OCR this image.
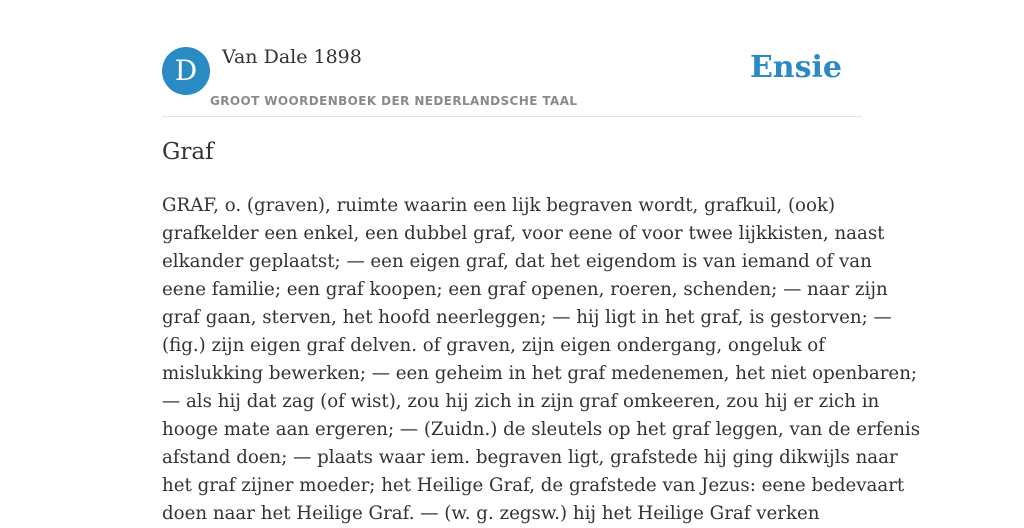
D	Van Dale 1898
GROOT WOORDENBOEK DER NEDERLANDSCHE TAAL
Ensie
Graf

GRAF, o. (graven), ruimte waarin een lijk begraven wordt, grafkuil, (ook)
grafkelder een enkel, een dubbel graf, voor eene of voor twee lijkkisten, naast
elkander geplaatst; — een eigen graf, dat het eigendom is van iemand of van
eene familie; een graf koopen; een graf openen, roeren, schenden; — naar zijn
graf gaan, sterven, het hoofd neerleggen; — hij ligt in het graf, is gestorven; —
(fig.) zijn eigen graf delven. of graven, zijn eigen ondergang, ongeluk of
mislukking bewerken; — een geheim in het graf medenemen, het niet openbaren;
— als hij dat zag (of wist), zou hij zich in zijn graf omkeeren, zou hij er zich in
hooge mate aan ergeren; — (Zuidn.) de sleutels op het graf leggen, van de erfenis
afstand doen; — plaats waar iem. begraven ligt, grafstede hij ging dikwijls naar
het graf zijner moeder; het Heilige Graf, de grafstede van Jezus: eene bedevaart
doen naar het Heilige Graf. — (w. g. zegsw.) hij het Heilige Graf verken
